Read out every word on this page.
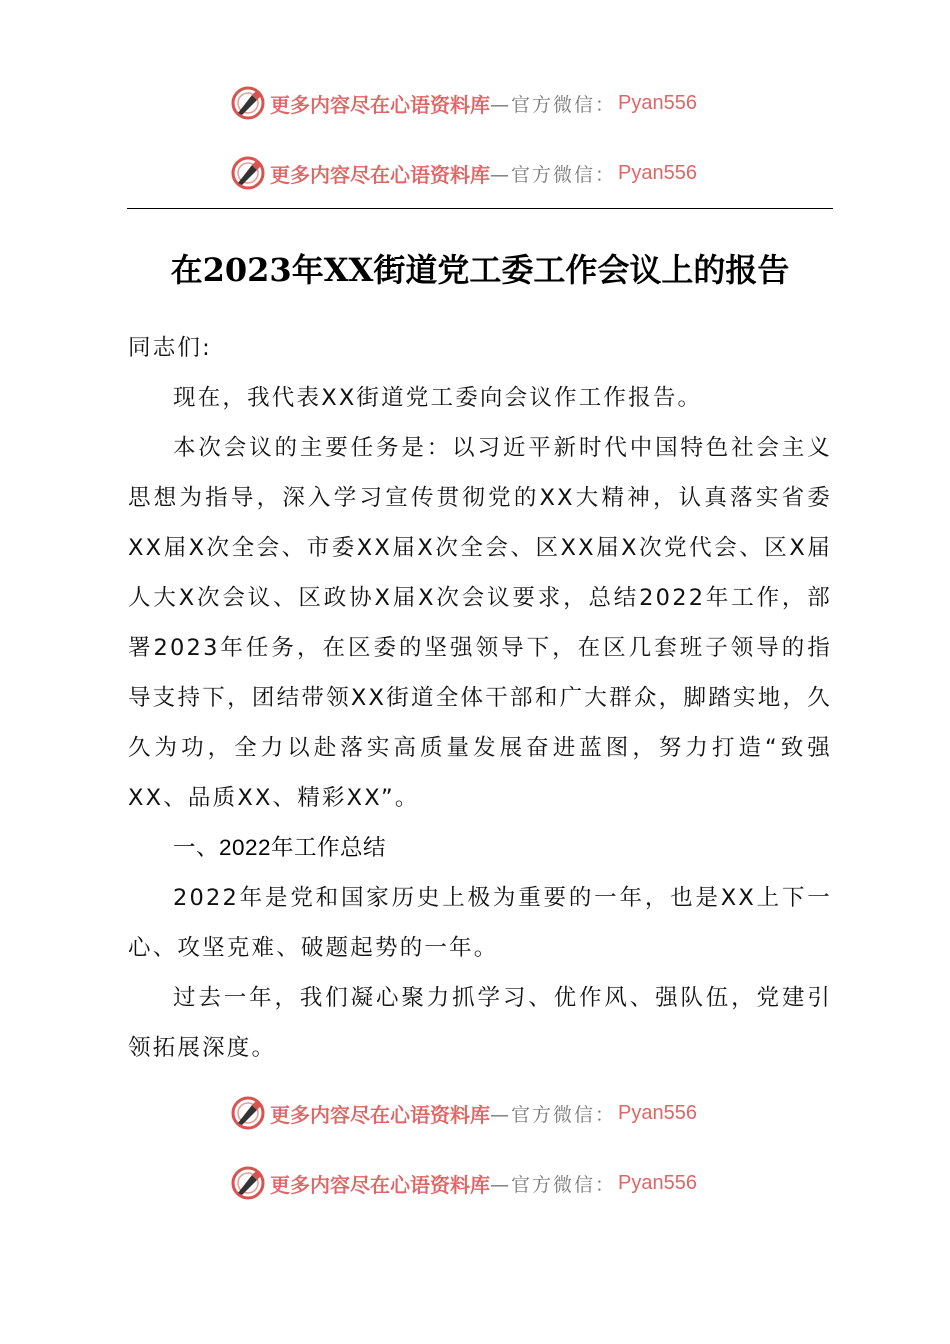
更多内容尽在心语资料库 —官方微信： Pyan556
更多内容尽在心语资料库 —官方微信： Pyan556
在2023年XX街道党工委工作会议上的报告

同志们:

现在，我代表XX街道党工委向会议作工作报告。

本次会议的主要任务是：以习近平新时代中国特色社会主义思想为指导，深入学习宣传贯彻党的XX大精神，认真落实省委XX届X次全会、市委XX届X次全会、区XX届X次党代会、区X届人大X次会议、区政协X届X次会议要求，总结2022年工作，部署2023年任务，在区委的坚强领导下，在区几套班子领导的指导支持下，团结带领XX街道全体干部和广大群众，脚踏实地，久久为功，全力以赴落实高质量发展奋进蓝图，努力打造“致强XX、品质XX、精彩XX”。

一、2022年工作总结

2022年是党和国家历史上极为重要的一年，也是XX上下一心、攻坚克难、破题起势的一年。

过去一年，我们凝心聚力抓学习、优作风、强队伍，党建引领拓展深度。

更多内容尽在心语资料库 —官方微信： Pyan556
更多内容尽在心语资料库 —官方微信： Pyan556
